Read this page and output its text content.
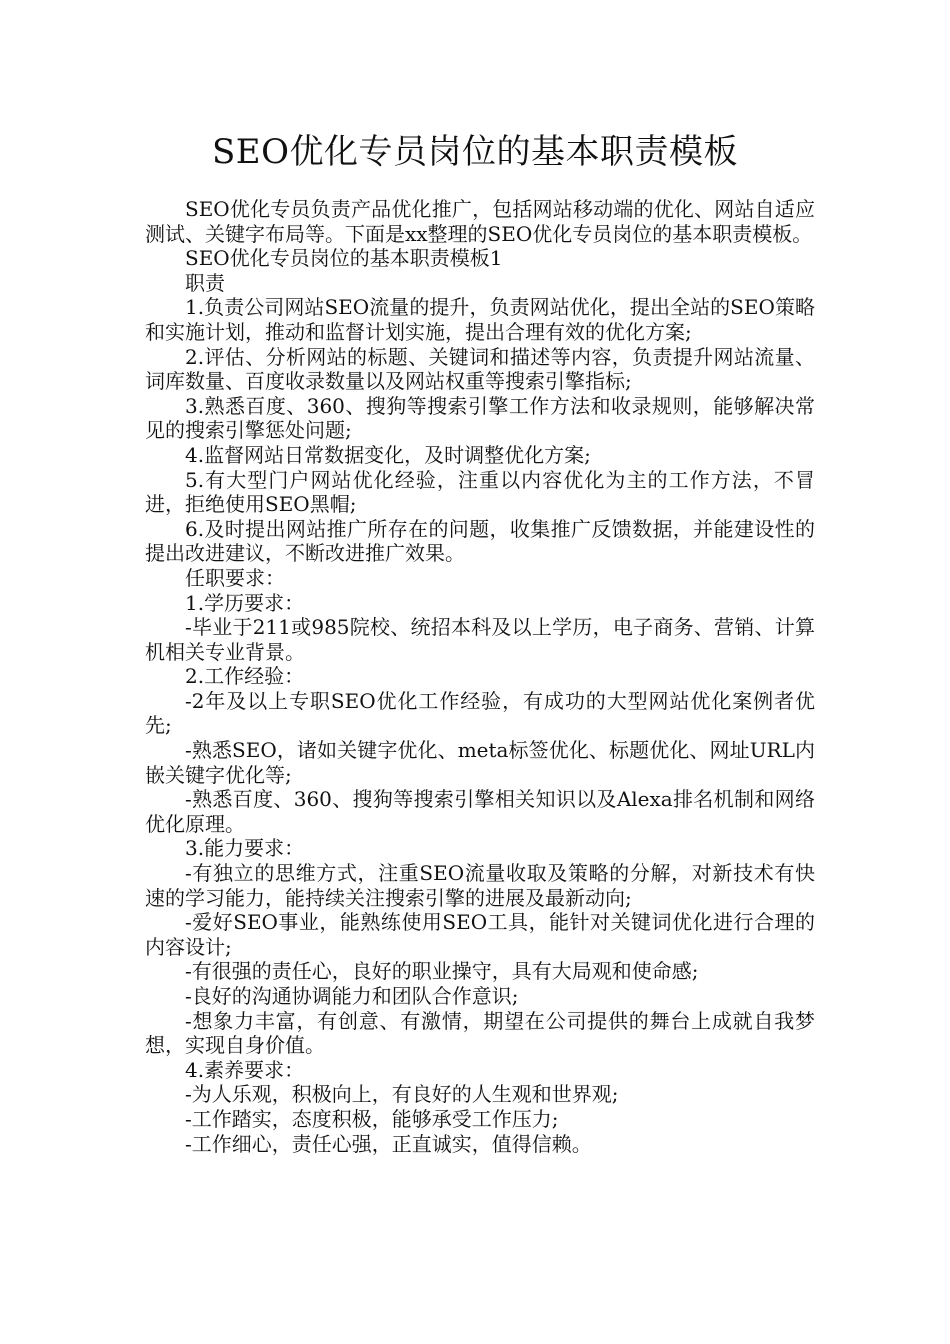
SEO优化专员岗位的基本职责模板

SEO优化专员负责产品优化推广，包括网站移动端的优化、网站自适应测试、关键字布局等。下面是xx整理的SEO优化专员岗位的基本职责模板。

SEO优化专员岗位的基本职责模板1

职责

1.负责公司网站SEO流量的提升，负责网站优化，提出全站的SEO策略和实施计划，推动和监督计划实施，提出合理有效的优化方案;

2.评估、分析网站的标题、关键词和描述等内容，负责提升网站流量、词库数量、百度收录数量以及网站权重等搜索引擎指标;

3.熟悉百度、360、搜狗等搜索引擎工作方法和收录规则，能够解决常见的搜索引擎惩处问题;

4.监督网站日常数据变化，及时调整优化方案;

5.有大型门户网站优化经验，注重以内容优化为主的工作方法，不冒进，拒绝使用SEO黑帽;

6.及时提出网站推广所存在的问题，收集推广反馈数据，并能建设性的提出改进建议，不断改进推广效果。

任职要求：

1.学历要求：

-毕业于211或985院校、统招本科及以上学历，电子商务、营销、计算机相关专业背景。

2.工作经验：

-2年及以上专职SEO优化工作经验，有成功的大型网站优化案例者优先;

-熟悉SEO，诸如关键字优化、meta标签优化、标题优化、网址URL内嵌关键字优化等;

-熟悉百度、360、搜狗等搜索引擎相关知识以及Alexa排名机制和网络优化原理。

3.能力要求：

-有独立的思维方式，注重SEO流量收取及策略的分解，对新技术有快速的学习能力，能持续关注搜索引擎的进展及最新动向;

-爱好SEO事业，能熟练使用SEO工具，能针对关键词优化进行合理的内容设计;

-有很强的责任心，良好的职业操守，具有大局观和使命感;

-良好的沟通协调能力和团队合作意识;

-想象力丰富，有创意、有激情，期望在公司提供的舞台上成就自我梦想，实现自身价值。

4.素养要求：

-为人乐观，积极向上，有良好的人生观和世界观;

-工作踏实，态度积极，能够承受工作压力;

-工作细心，责任心强，正直诚实，值得信赖。
